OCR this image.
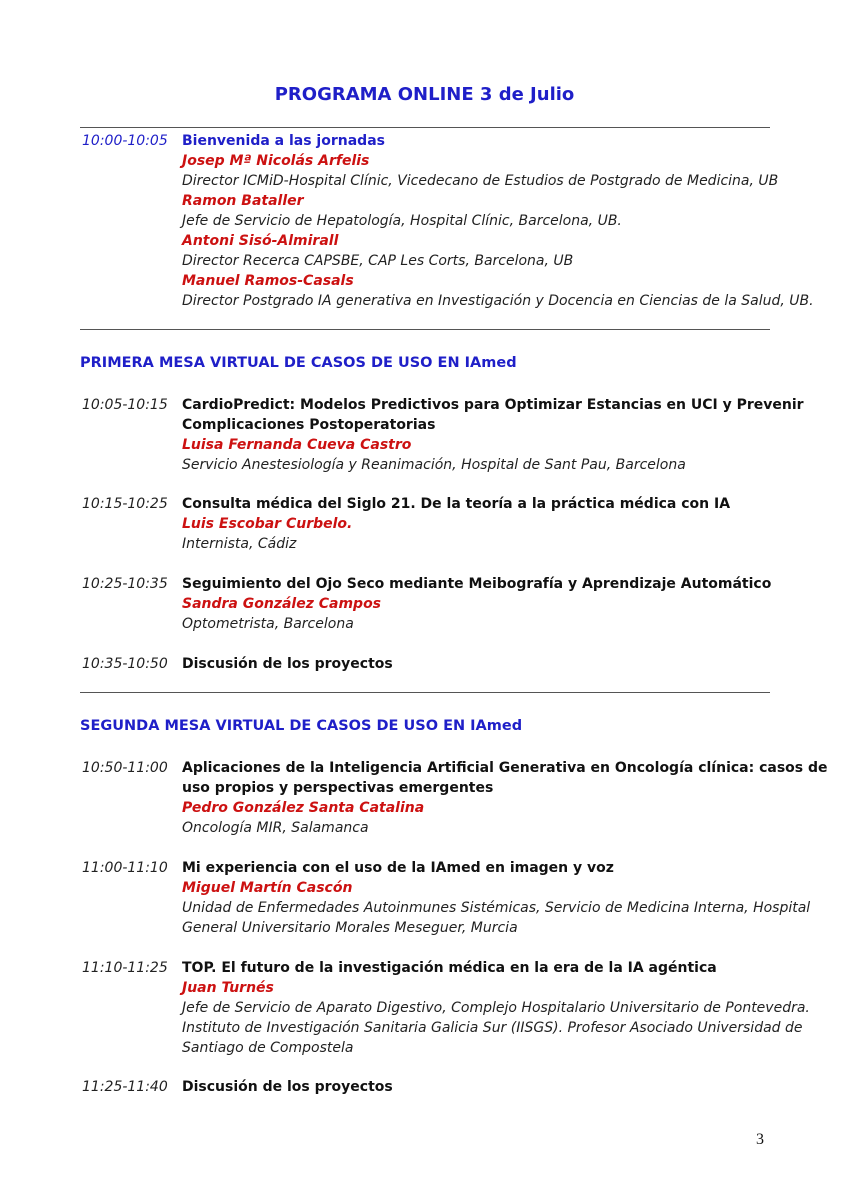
PROGRAMA ONLINE 3 de Julio
10:00-10:05 Bienvenida a las jornadas
Josep Mª Nicolás Arfelis
Director ICMiD-Hospital Clínic, Vicedecano de Estudios de Postgrado de Medicina, UB
Ramon Bataller
Jefe de Servicio de Hepatología, Hospital Clínic, Barcelona, UB.
Antoni Sisó-Almirall
Director Recerca CAPSBE, CAP Les Corts, Barcelona, UB
Manuel Ramos-Casals
Director Postgrado IA generativa en Investigación y Docencia en Ciencias de la Salud, UB.
PRIMERA MESA VIRTUAL DE CASOS DE USO EN IAmed
10:05-10:15 CardioPredict: Modelos Predictivos para Optimizar Estancias en UCI y Prevenir
Complicaciones Postoperatorias
Luisa Fernanda Cueva Castro
Servicio Anestesiología y Reanimación, Hospital de Sant Pau, Barcelona
10:15-10:25 Consulta médica del Siglo 21. De la teoría a la práctica médica con IA
Luis Escobar Curbelo.
Internista, Cádiz
10:25-10:35 Seguimiento del Ojo Seco mediante Meibografía y Aprendizaje Automático
Sandra González Campos
Optometrista, Barcelona
10:35-10:50 Discusión de los proyectos
SEGUNDA MESA VIRTUAL DE CASOS DE USO EN IAmed
10:50-11:00 Aplicaciones de la Inteligencia Artificial Generativa en Oncología clínica: casos de
uso propios y perspectivas emergentes
Pedro González Santa Catalina
Oncología MIR, Salamanca
11:00-11:10 Mi experiencia con el uso de la IAmed en imagen y voz
Miguel Martín Cascón
Unidad de Enfermedades Autoinmunes Sistémicas, Servicio de Medicina Interna, Hospital
General Universitario Morales Meseguer, Murcia
11:10-11:25 TOP. El futuro de la investigación médica en la era de la IA agéntica
Juan Turnés
Jefe de Servicio de Aparato Digestivo, Complejo Hospitalario Universitario de Pontevedra.
Instituto de Investigación Sanitaria Galicia Sur (IISGS). Profesor Asociado Universidad de
Santiago de Compostela
11:25-11:40 Discusión de los proyectos
3
